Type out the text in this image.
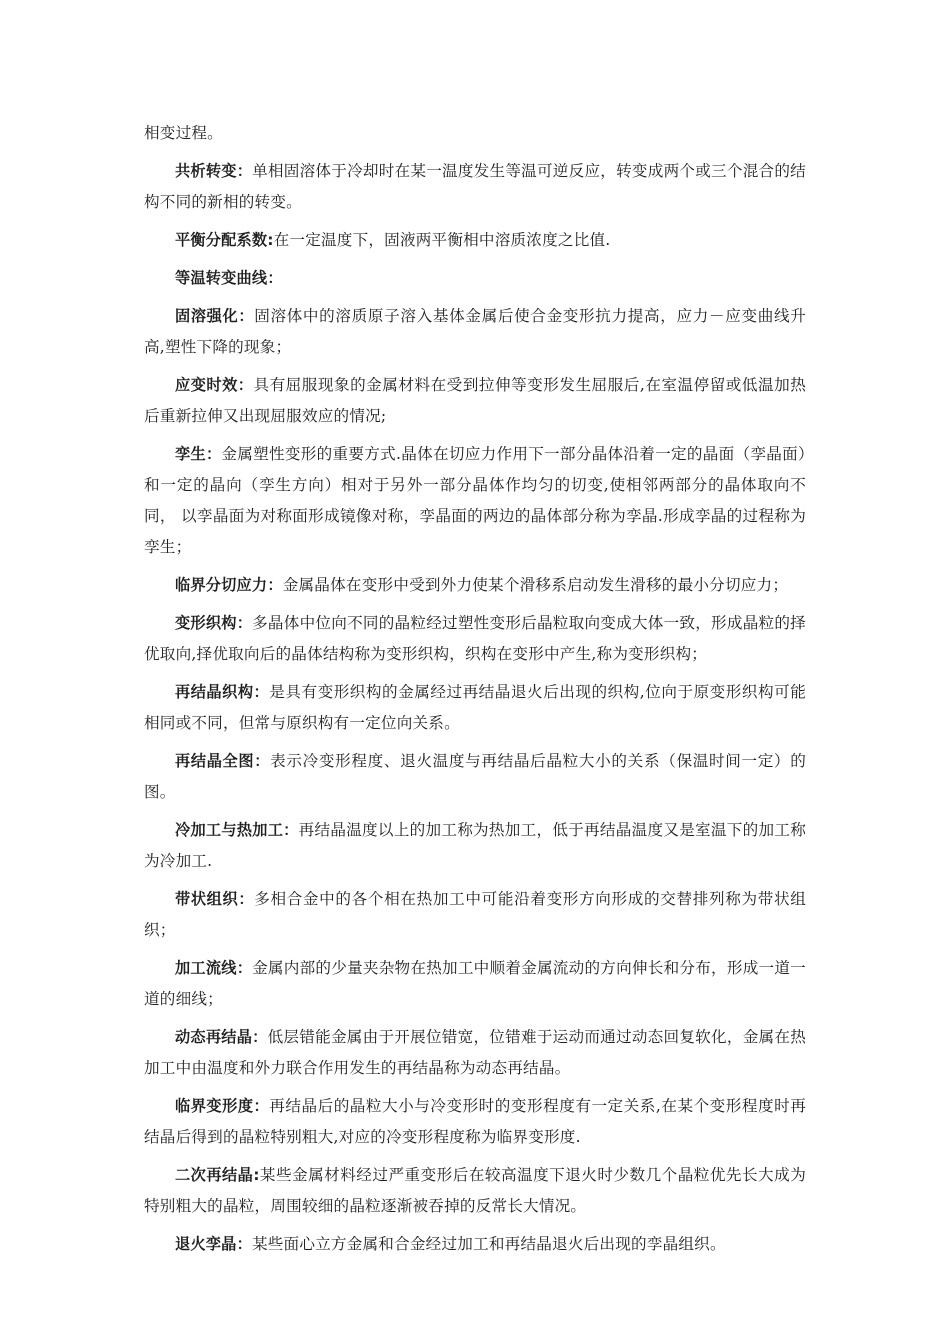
相变过程。

共析转变：单相固溶体于冷却时在某一温度发生等温可逆反应，转变成两个或三个混合的结构不同的新相的转变。

平衡分配系数:在一定温度下，固液两平衡相中溶质浓度之比值.

等温转变曲线：

固溶强化：固溶体中的溶质原子溶入基体金属后使合金变形抗力提高，应力－应变曲线升高,塑性下降的现象；

应变时效：具有屈服现象的金属材料在受到拉伸等变形发生屈服后,在室温停留或低温加热后重新拉伸又出现屈服效应的情况;

孪生：金属塑性变形的重要方式.晶体在切应力作用下一部分晶体沿着一定的晶面（孪晶面）和一定的晶向（孪生方向）相对于另外一部分晶体作均匀的切变,使相邻两部分的晶体取向不同， 以孪晶面为对称面形成镜像对称，孪晶面的两边的晶体部分称为孪晶.形成孪晶的过程称为孪生；

临界分切应力：金属晶体在变形中受到外力使某个滑移系启动发生滑移的最小分切应力；

变形织构：多晶体中位向不同的晶粒经过塑性变形后晶粒取向变成大体一致，形成晶粒的择优取向,择优取向后的晶体结构称为变形织构，织构在变形中产生,称为变形织构；

再结晶织构：是具有变形织构的金属经过再结晶退火后出现的织构,位向于原变形织构可能相同或不同，但常与原织构有一定位向关系。

再结晶全图：表示冷变形程度、退火温度与再结晶后晶粒大小的关系（保温时间一定）的图。

冷加工与热加工：再结晶温度以上的加工称为热加工，低于再结晶温度又是室温下的加工称为冷加工.

带状组织：多相合金中的各个相在热加工中可能沿着变形方向形成的交替排列称为带状组织；

加工流线：金属内部的少量夹杂物在热加工中顺着金属流动的方向伸长和分布，形成一道一道的细线；

动态再结晶：低层错能金属由于开展位错宽，位错难于运动而通过动态回复软化，金属在热加工中由温度和外力联合作用发生的再结晶称为动态再结晶。

临界变形度：再结晶后的晶粒大小与冷变形时的变形程度有一定关系,在某个变形程度时再结晶后得到的晶粒特别粗大,对应的冷变形程度称为临界变形度.

二次再结晶:某些金属材料经过严重变形后在较高温度下退火时少数几个晶粒优先长大成为特别粗大的晶粒，周围较细的晶粒逐渐被吞掉的反常长大情况。

退火孪晶：某些面心立方金属和合金经过加工和再结晶退火后出现的孪晶组织。
